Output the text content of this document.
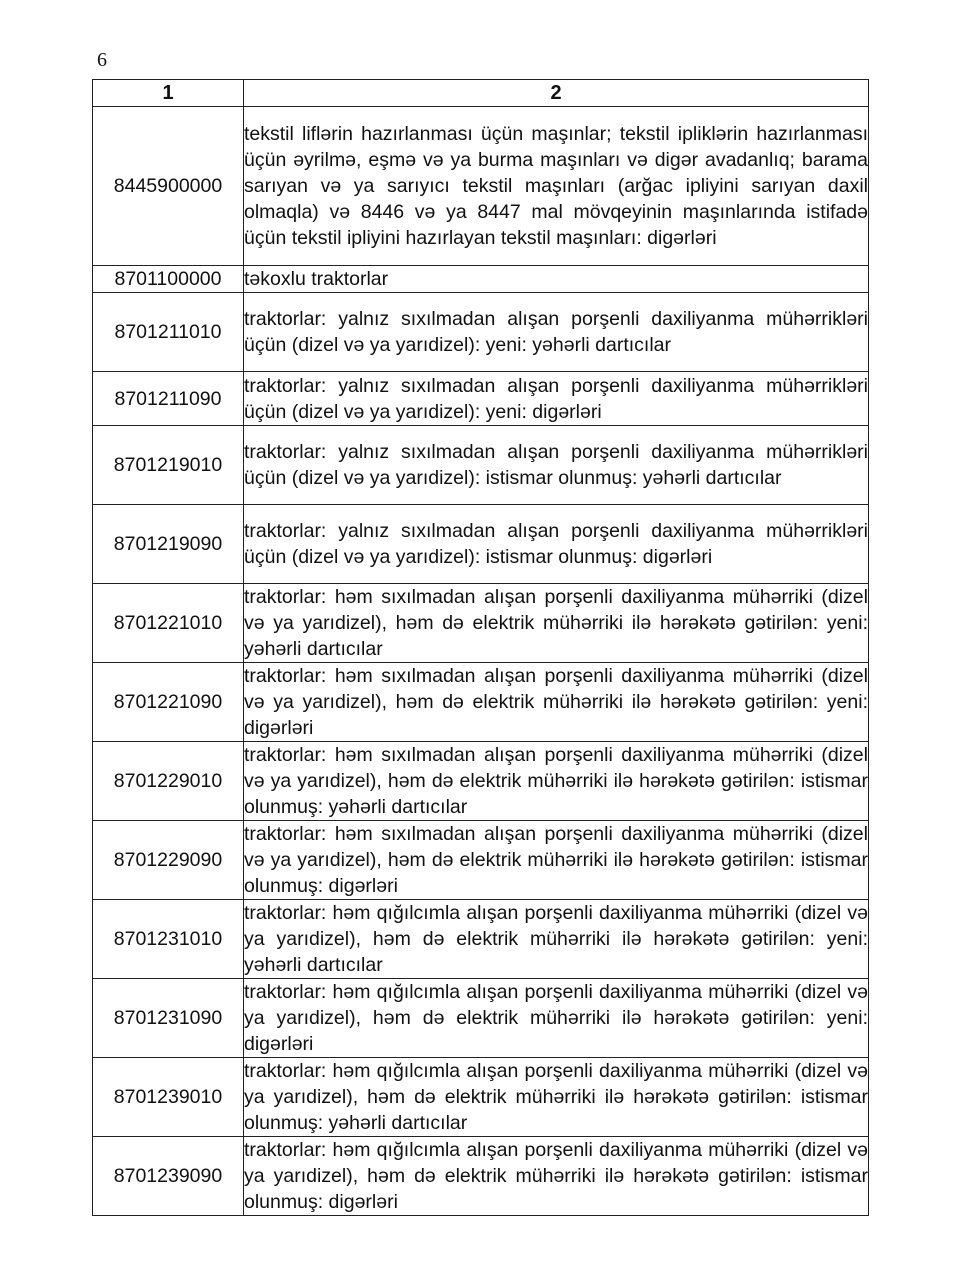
6
1	2
8445900000	tekstil liflərin hazırlanması üçün maşınlar; tekstil ipliklərin hazırlanması üçün əyrilmə, eşmə və ya burma maşınları və digər avadanlıq; barama sarıyan və ya sarıyıcı tekstil maşınları (arğac ipliyini sarıyan daxil olmaqla) və 8446 və ya 8447 mal mövqeyinin maşınlarında istifadə üçün tekstil ipliyini hazırlayan tekstil maşınları: digərləri
8701100000	təkoxlu traktorlar
8701211010	traktorlar: yalnız sıxılmadan alışan porşenli daxiliyanma mühərrikləri üçün (dizel və ya yarıdizel): yeni: yəhərli dartıcılar
8701211090	traktorlar: yalnız sıxılmadan alışan porşenli daxiliyanma mühərrikləri üçün (dizel və ya yarıdizel): yeni: digərləri
8701219010	traktorlar: yalnız sıxılmadan alışan porşenli daxiliyanma mühərrikləri üçün (dizel və ya yarıdizel): istismar olunmuş: yəhərli dartıcılar
8701219090	traktorlar: yalnız sıxılmadan alışan porşenli daxiliyanma mühərrikləri üçün (dizel və ya yarıdizel): istismar olunmuş: digərləri
8701221010	traktorlar: həm sıxılmadan alışan porşenli daxiliyanma mühərriki (dizel və ya yarıdizel), həm də elektrik mühərriki ilə hərəkətə gətirilən: yeni: yəhərli dartıcılar
8701221090	traktorlar: həm sıxılmadan alışan porşenli daxiliyanma mühərriki (dizel və ya yarıdizel), həm də elektrik mühərriki ilə hərəkətə gətirilən: yeni: digərləri
8701229010	traktorlar: həm sıxılmadan alışan porşenli daxiliyanma mühərriki (dizel və ya yarıdizel), həm də elektrik mühərriki ilə hərəkətə gətirilən: istismar olunmuş: yəhərli dartıcılar
8701229090	traktorlar: həm sıxılmadan alışan porşenli daxiliyanma mühərriki (dizel və ya yarıdizel), həm də elektrik mühərriki ilə hərəkətə gətirilən: istismar olunmuş: digərləri
8701231010	traktorlar: həm qığılcımla alışan porşenli daxiliyanma mühərriki (dizel və ya yarıdizel), həm də elektrik mühərriki ilə hərəkətə gətirilən: yeni: yəhərli dartıcılar
8701231090	traktorlar: həm qığılcımla alışan porşenli daxiliyanma mühərriki (dizel və ya yarıdizel), həm də elektrik mühərriki ilə hərəkətə gətirilən: yeni: digərləri
8701239010	traktorlar: həm qığılcımla alışan porşenli daxiliyanma mühərriki (dizel və ya yarıdizel), həm də elektrik mühərriki ilə hərəkətə gətirilən: istismar olunmuş: yəhərli dartıcılar
8701239090	traktorlar: həm qığılcımla alışan porşenli daxiliyanma mühərriki (dizel və ya yarıdizel), həm də elektrik mühərriki ilə hərəkətə gətirilən: istismar olunmuş: digərləri
